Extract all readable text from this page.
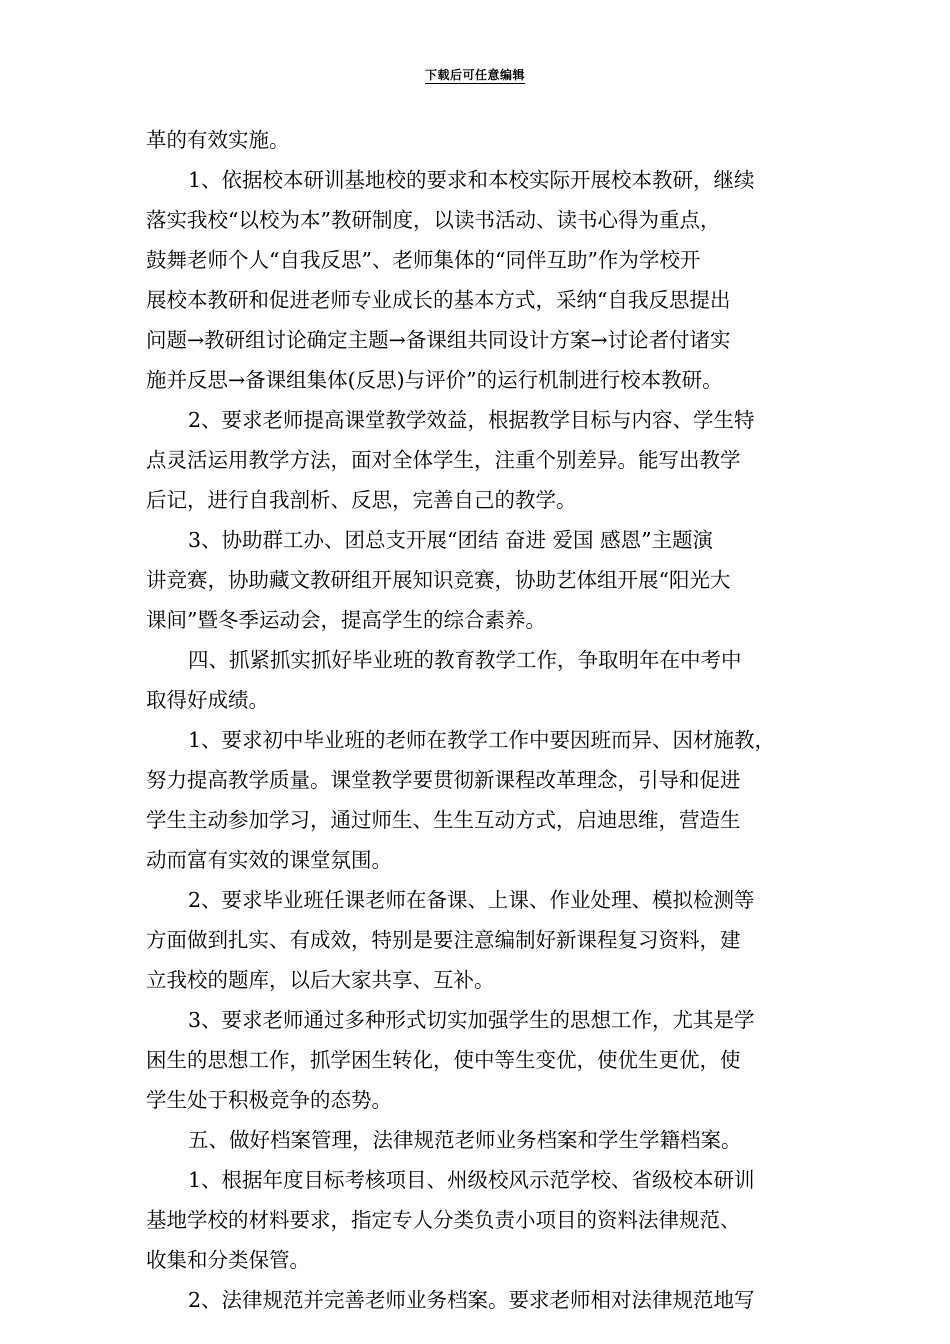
下载后可任意编辑
革的有效实施。
1、依据校本研训基地校的要求和本校实际开展校本教研，继续
落实我校“以校为本”教研制度，以读书活动、读书心得为重点，
鼓舞老师个人“自我反思”、老师集体的“同伴互助”作为学校开
展校本教研和促进老师专业成长的基本方式，采纳“自我反思提出
问题→教研组讨论确定主题→备课组共同设计方案→讨论者付诸实
施并反思→备课组集体(反思)与评价”的运行机制进行校本教研。
2、要求老师提高课堂教学效益，根据教学目标与内容、学生特
点灵活运用教学方法，面对全体学生，注重个别差异。能写出教学
后记，进行自我剖析、反思，完善自己的教学。
3、协助群工办、团总支开展“团结 奋进 爱国 感恩”主题演
讲竞赛，协助藏文教研组开展知识竞赛，协助艺体组开展“阳光大
课间”暨冬季运动会，提高学生的综合素养。
四、抓紧抓实抓好毕业班的教育教学工作，争取明年在中考中
取得好成绩。
1、要求初中毕业班的老师在教学工作中要因班而异、因材施教，
努力提高教学质量。课堂教学要贯彻新课程改革理念，引导和促进
学生主动参加学习，通过师生、生生互动方式，启迪思维，营造生
动而富有实效的课堂氛围。
2、要求毕业班任课老师在备课、上课、作业处理、模拟检测等
方面做到扎实、有成效，特别是要注意编制好新课程复习资料，建
立我校的题库，以后大家共享、互补。
3、要求老师通过多种形式切实加强学生的思想工作，尤其是学
困生的思想工作，抓学困生转化，使中等生变优，使优生更优，使
学生处于积极竞争的态势。
五、做好档案管理，法律规范老师业务档案和学生学籍档案。
1、根据年度目标考核项目、州级校风示范学校、省级校本研训
基地学校的材料要求，指定专人分类负责小项目的资料法律规范、
收集和分类保管。
2、法律规范并完善老师业务档案。要求老师相对法律规范地写
